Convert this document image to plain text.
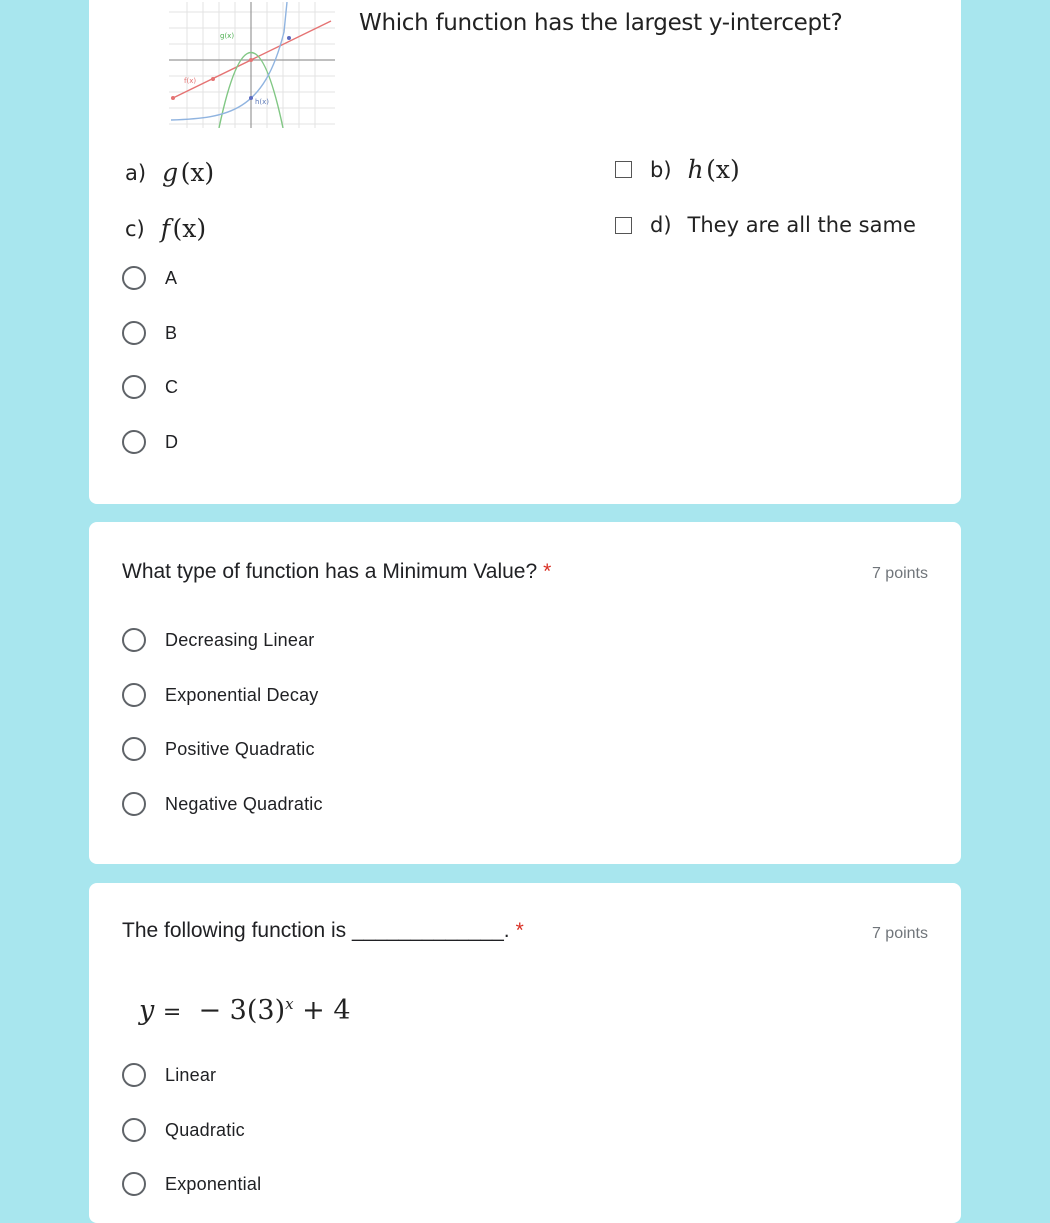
g(x)
f(x)
h(x)
Which function has the largest y-intercept?
a) g  (x)	b) h  (x)
c) f  (x)	d) They are all the same
A
B
C
D
What type of function has a Minimum Value? *	7 points
Decreasing Linear
Exponential Decay
Positive Quadratic
Negative Quadratic
The following function is _____________. *	7 points
y = − $3(3)^x + 4$
Linear
Quadratic
Exponential
